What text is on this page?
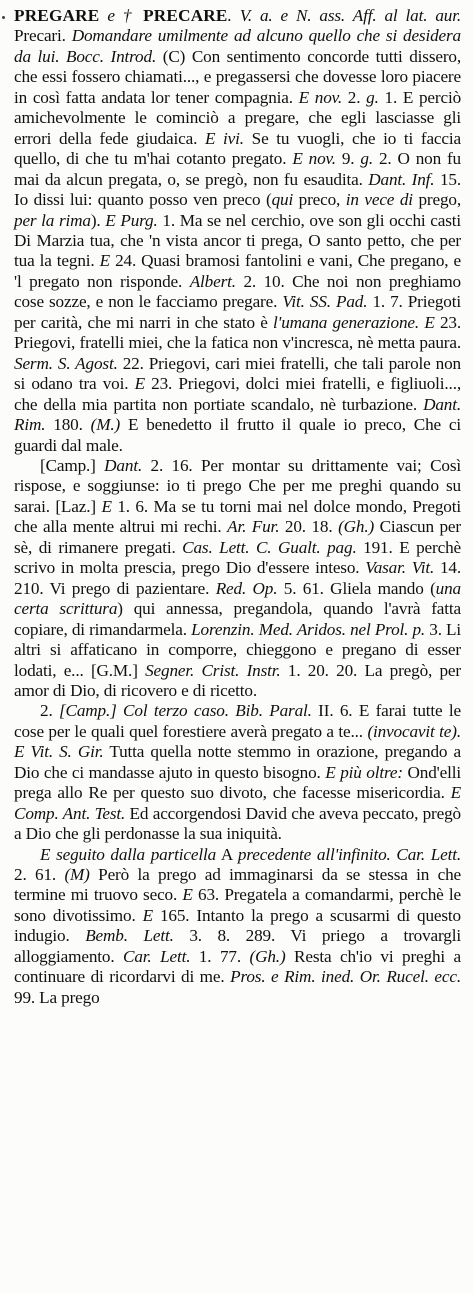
PREGARE e † PRECARE. V. a. e N. ass. Aff. al lat. aur. Precari. Domandare umilmente ad alcuno quello che si desidera da lui. Bocc. Introd. (C) Con sentimento concorde tutti dissero, che essi fossero chiamati..., e pregassersi che dovesse loro piacere in così fatta andata lor tener compagnia. E nov. 2. g. 1. E perciò amichevolmente le cominciò a pregare, che egli lasciasse gli errori della fede giudaica. E ivi. Se tu vuogli, che io ti faccia quello, di che tu m'hai cotanto pregato. E nov. 9. g. 2. O non fu mai da alcun pregata, o, se pregò, non fu esaudita. Dant. Inf. 15. Io dissi lui: quanto posso ven preco (qui preco, in vece di prego, per la rima). E Purg. 1. Ma se nel cerchio, ove son gli occhi casti Di Marzia tua, che 'n vista ancor ti prega, O santo petto, che per tua la tegni. E 24. Quasi bramosi fantolini e vani, Che pregano, e 'l pregato non risponde. Albert. 2. 10. Che noi non preghiamo cose sozze, e non le facciamo pregare. Vit. SS. Pad. 1. 7. Priegoti per carità, che mi narri in che stato è l'umana generazione. E 23. Priegovi, fratelli miei, che la fatica non v'incresca, nè metta paura. Serm. S. Agost. 22. Priegovi, cari miei fratelli, che tali parole non si odano tra voi. E 23. Priegovi, dolci miei fratelli, e figliuoli..., che della mia partita non portiate scandalo, nè turbazione. Dant. Rim. 180. (M.) E benedetto il frutto il quale io preco, Che ci guardi dal male.

[Camp.] Dant. 2. 16. Per montar su drittamente vai; Così rispose, e soggiunse: io ti prego Che per me preghi quando su sarai. [Laz.] E 1. 6. Ma se tu torni mai nel dolce mondo, Pregoti che alla mente altrui mi rechi. Ar. Fur. 20. 18. (Gh.) Ciascun per sè, di rimanere pregati. Cas. Lett. C. Gualt. pag. 191. E perchè scrivo in molta prescia, prego Dio d'essere inteso. Vasar. Vit. 14. 210. Vi prego di pazientare. Red. Op. 5. 61. Gliela mando (una certa scrittura) qui annessa, pregandola, quando l'avrà fatta copiare, di rimandarmela. Lorenzin. Med. Aridos. nel Prol. p. 3. Li altri si affaticano in comporre, chieggono e pregano di esser lodati, e... [G.M.] Segner. Crist. Instr. 1. 20. 20. La pregò, per amor di Dio, di ricovero e di ricetto.

2. [Camp.] Col terzo caso. Bib. Paral. II. 6. E farai tutte le cose per le quali quel forestiere averà pregato a te... (invocavit te). E Vit. S. Gir. Tutta quella notte stemmo in orazione, pregando a Dio che ci mandasse ajuto in questo bisogno. E più oltre: Ond'elli prega allo Re per questo suo divoto, che facesse misericordia. E Comp. Ant. Test. Ed accorgendosi David che aveva peccato, pregò a Dio che gli perdonasse la sua iniquità.

E seguito dalla particella A precedente all'infinito. Car. Lett. 2. 61. (M) Però la prego ad immaginarsi da se stessa in che termine mi truovo seco. E 63. Pregatela a comandarmi, perchè le sono divotissimo. E 165. Intanto la prego a scusarmi di questo indugio. Bemb. Lett. 3. 8. 289. Vi priego a trovargli alloggiamento. Car. Lett. 1. 77. (Gh.) Resta ch'io vi preghi a continuare di ricordarvi di me. Pros. e Rim. ined. Or. Rucel. ecc. 99. La prego
